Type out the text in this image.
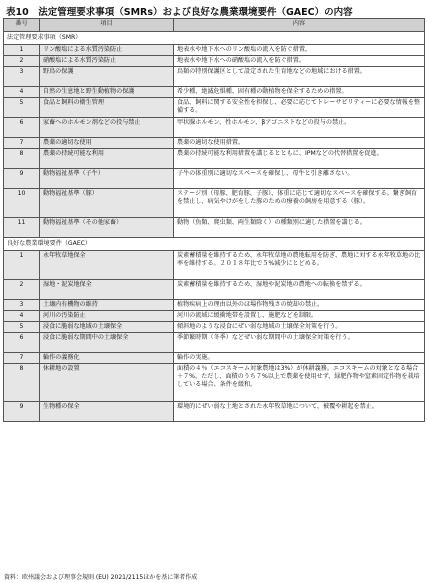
表10　法定管理要求事項（SMRs）および良好な農業環境要件（GAEC）の内容
番号	項目	内容
法定管理要求事項（SMR）		
1	リン酸塩による水質汚染防止	地表水や地下水へのリン酸塩の流入を防ぐ措置。
2	硝酸塩による水質汚染防止	地表水や地下水への硝酸塩の流入を防ぐ措置。
3	野鳥の保護	鳥類の特別保護区として設定された生育地などの地域における措置。
4	自然の生息地と野生動植物の保護	希少種、絶滅危惧種、固有種の動植物を保全するための措置。
5	食品と飼料の衛生管理	食品、飼料に関する安全性を担保し、必要に応じてトレーサビリティーに必要な情報を整備する。
6	家畜へのホルモン剤などの投与禁止	甲状腺ホルモン、性ホルモン、βアゴニストなどの投与の禁止。
7	農薬の適切な使用	農薬の適切な使用措置。
8	農薬の持続可能な利用	農薬の持続可能な利用措置を講じるとともに、IPMなどの代替措置を促進。
9	動物福祉基準（子牛）	子牛の体重別に適切なスペースを確保し、母牛と引き離さない。
10	動物福祉基準（豚）	ステージ別（母豚、肥育豚、子豚）、体重に応じて適切なスペースを確保する。繋ぎ飼育を禁止し、病気やけがをした豚のための療養の飼房を用意する（豚）。
11	動物福祉基準（その他家畜）	動物（魚類、爬虫類、両生類除く）の種類別に適した措置を講じる。
良好な農業環境要件（GAEC）		
1	永年牧草地保全	炭素蓄積量を維持するため、永年牧草地の農地転用を防ぎ、農地に対する永年牧草地の比率を維持する。２０１８年比で５%減少にとどめる。
2	湿地・泥炭地保全	炭素蓄積量を維持するため、湿地や泥炭地の農地への転換を禁ずる。
3	土壌内有機物の維持	植物疾病上の理由以外のほ場作物残さの焼却の禁止。
4	河川の汚染防止	河川の流域に緩衝地帯を設置し、施肥などを制限。
5	浸食に脆弱な地域の土壌保全	傾斜地のような浸食にぜい弱な地域の土壌保全対策を行う。
6	浸食に脆弱な期間中の土壌保全	季節繁時期（冬季）などぜい弱な期間中の土壌保全対策を行う。
7	輪作の義務化	輪作の実施。
8	休耕地の設置	面積の４％（エコスキーム対象農地は3%）が休耕義務。エコスキームの対象となる場合＋７%。ただし、面積のうち７%以上で農薬を使用せず、緑肥作物や窒素固定作物を栽培している場合、条件を緩和。
9	生物種の保全	環境的にぜい弱な土地とされた永年牧草地について、被覆や耕起を禁止。
資料：欧州議会および理事会規則 (EU) 2021/2115ほかを基に筆者作成
